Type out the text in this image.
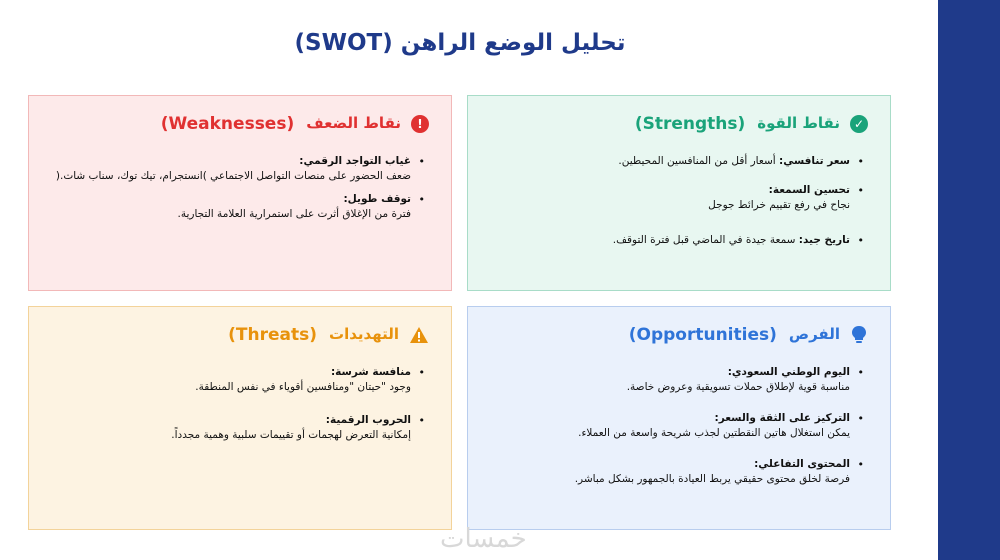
تحليل الوضع الراهن (SWOT)
✓
نقاط القوة
(Strengths)
• سعر تنافسي: أسعار أقل من المنافسين المحيطين.
• تحسين السمعة:
نجاح في رفع تقييم خرائط جوجل
• تاريخ جيد: سمعة جيدة في الماضي قبل فترة التوقف.
!
نقاط الضعف
(Weaknesses)
• غياب التواجد الرقمي:
ضعف الحضور على منصات التواصل الاجتماعي )انستجرام، تيك توك، سناب شات.(
• توقف طويل:
فترة من الإغلاق أثرت على استمرارية العلامة التجارية.
الفرص
(Opportunities)
• اليوم الوطني السعودي:
مناسبة قوية لإطلاق حملات تسويقية وعروض خاصة.
• التركيز على الثقة والسعر:
يمكن استغلال هاتين النقطتين لجذب شريحة واسعة من العملاء.
• المحتوى التفاعلي:
فرصة لخلق محتوى حقيقي يربط العيادة بالجمهور بشكل مباشر.
التهديدات
(Threats)
• منافسة شرسة:
وجود "حيتان "ومنافسين أقوياء في نفس المنطقة.
• الحروب الرقمية:
إمكانية التعرض لهجمات أو تقييمات سلبية وهمية مجدداً.
خمسات
